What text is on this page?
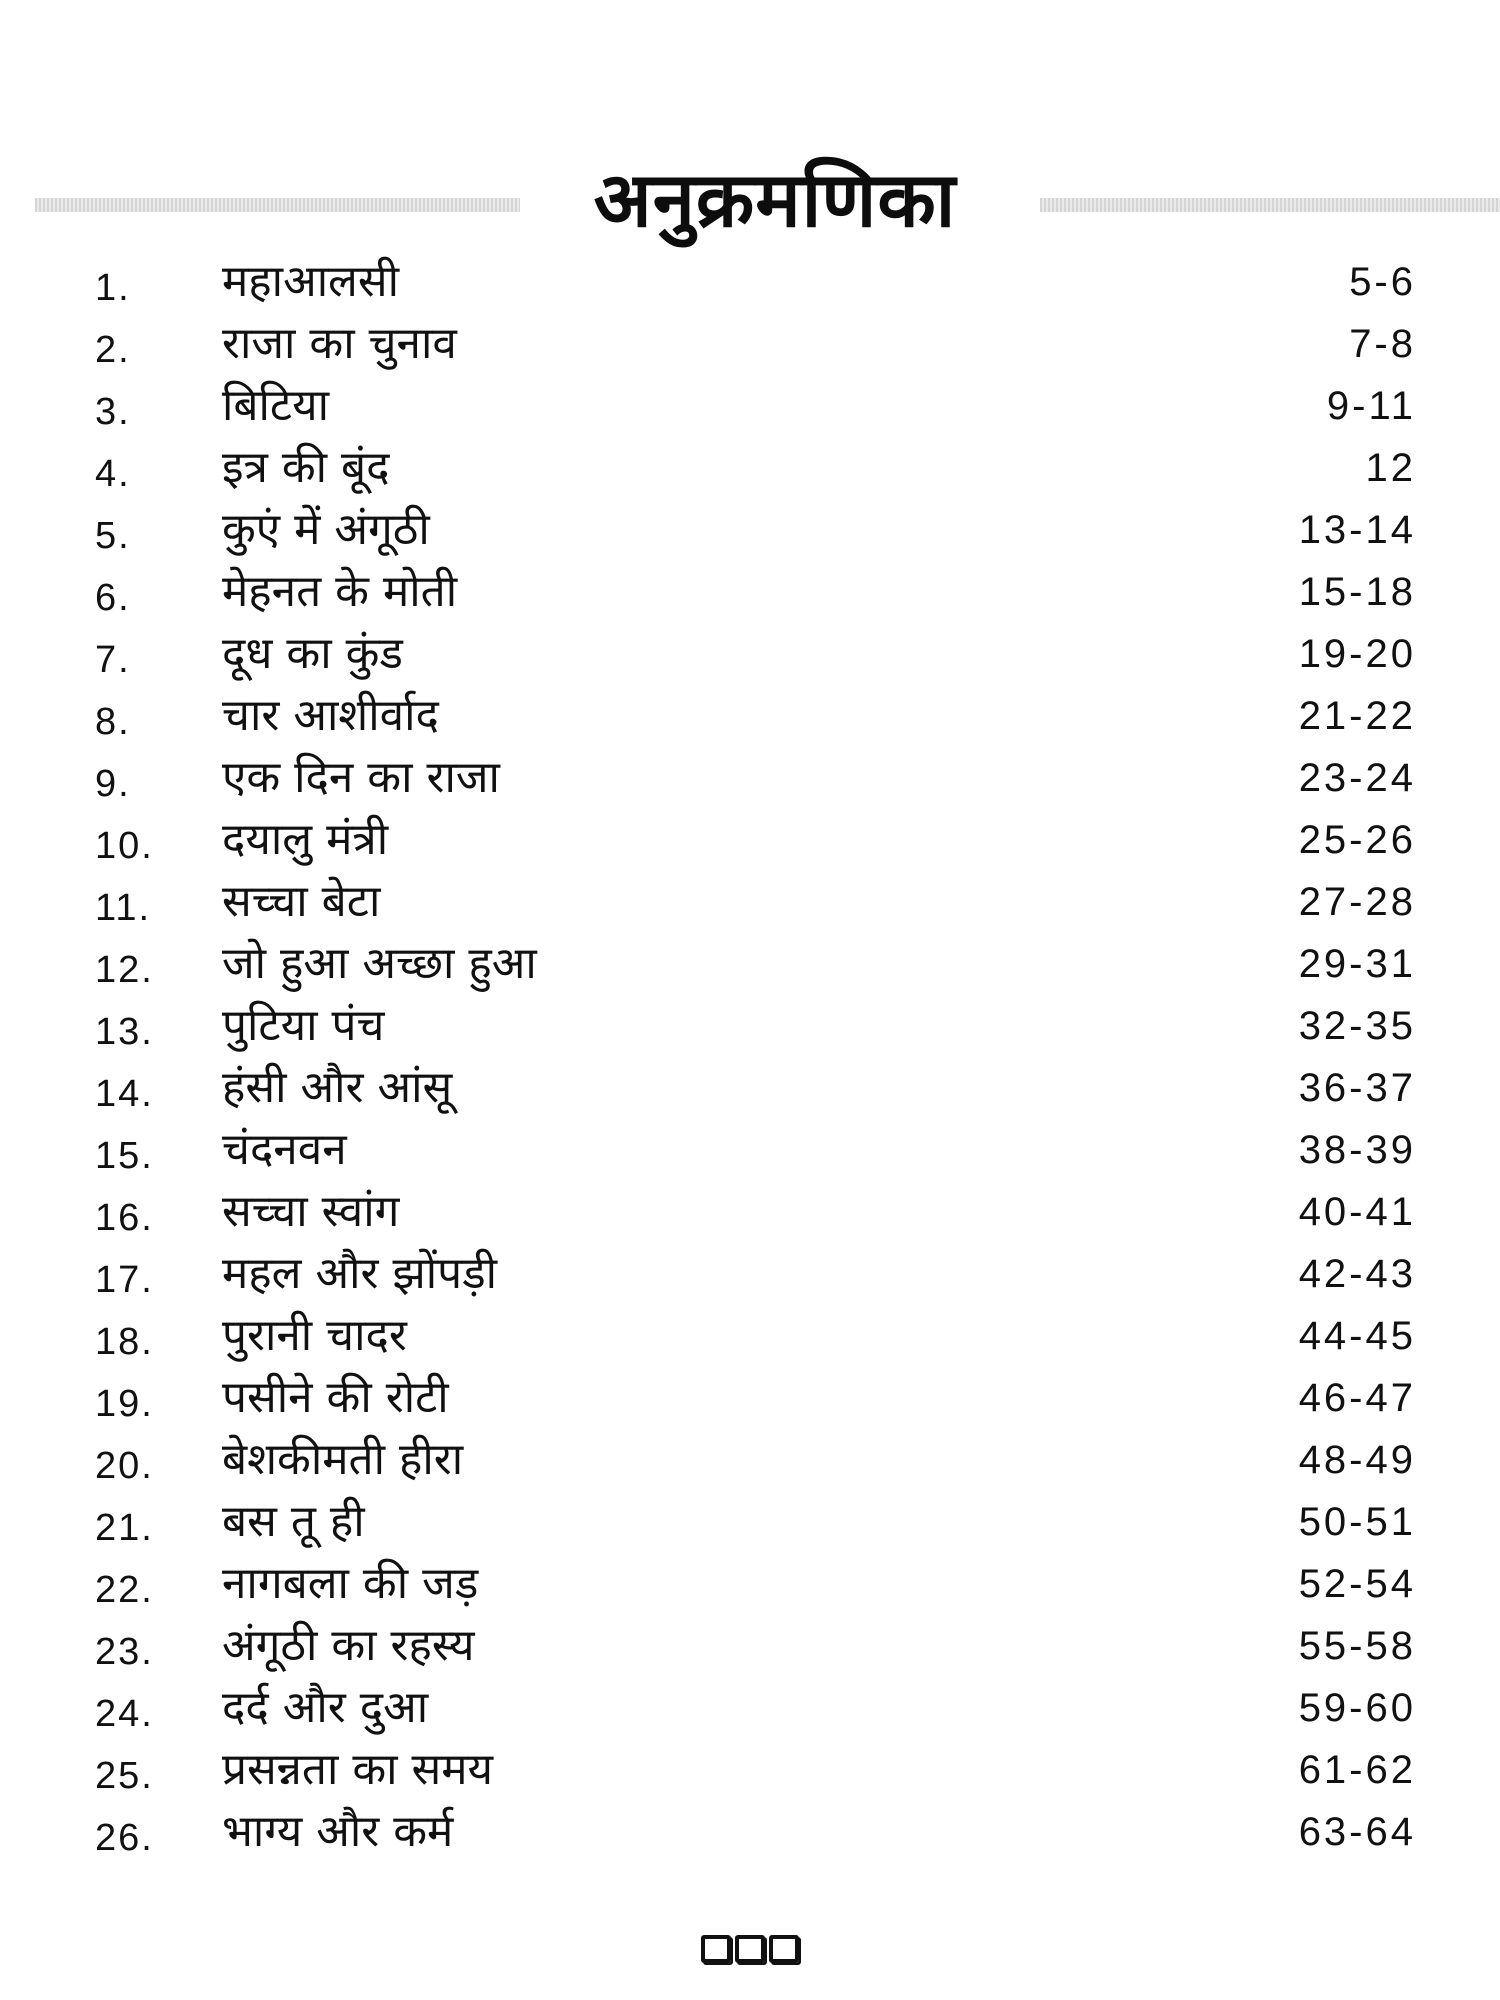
अनुक्रमणिका
1.	महाआलसी	5-6
2.	राजा का चुनाव	7-8
3.	बिटिया	9-11
4.	इत्र की बूंद	12
5.	कुएं में अंगूठी	13-14
6.	मेहनत के मोती	15-18
7.	दूध का कुंड	19-20
8.	चार आशीर्वाद	21-22
9.	एक दिन का राजा	23-24
10.	दयालु मंत्री	25-26
11.	सच्चा बेटा	27-28
12.	जो हुआ अच्छा हुआ	29-31
13.	पुटिया पंच	32-35
14.	हंसी और आंसू	36-37
15.	चंदनवन	38-39
16.	सच्चा स्वांग	40-41
17.	महल और झोंपड़ी	42-43
18.	पुरानी चादर	44-45
19.	पसीने की रोटी	46-47
20.	बेशकीमती हीरा	48-49
21.	बस तू ही	50-51
22.	नागबला की जड़	52-54
23.	अंगूठी का रहस्य	55-58
24.	दर्द और दुआ	59-60
25.	प्रसन्नता का समय	61-62
26.	भाग्य और कर्म	63-64
